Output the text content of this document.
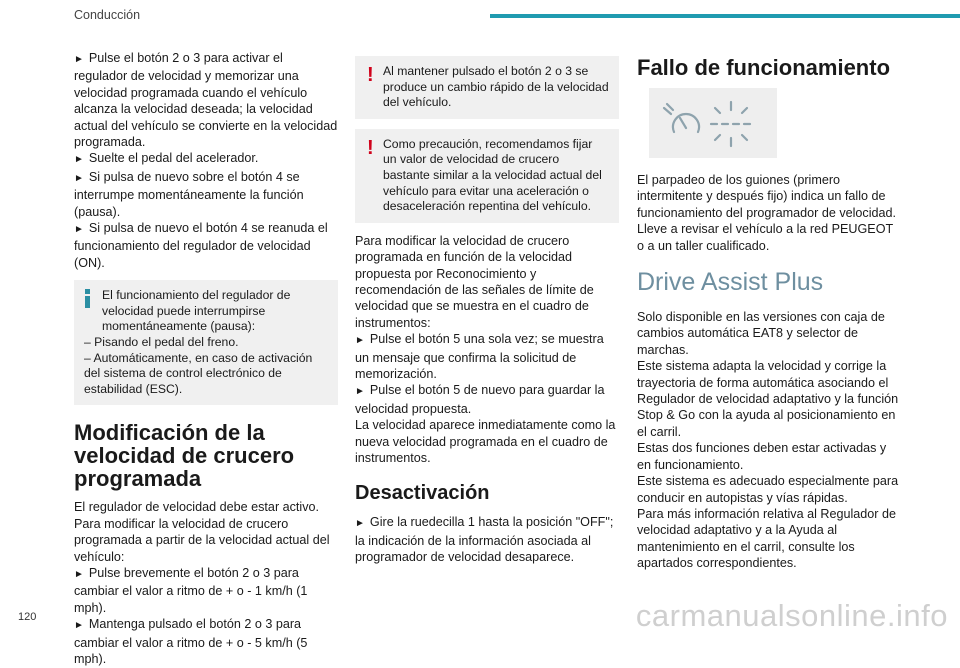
Conducción

► Pulse el botón 2 o 3 para activar el regulador de velocidad y memorizar una velocidad programada cuando el vehículo alcanza la velocidad deseada; la velocidad actual del vehículo se convierte en la velocidad programada.

► Suelte el pedal del acelerador.

► Si pulsa de nuevo sobre el botón 4 se interrumpe momentáneamente la función (pausa).

► Si pulsa de nuevo el botón 4 se reanuda el funcionamiento del regulador de velocidad (ON).

El funcionamiento del regulador de velocidad puede interrumpirse momentáneamente (pausa):

– Pisando el pedal del freno.

– Automáticamente, en caso de activación del sistema de control electrónico de estabilidad (ESC).

Modificación de la velocidad de crucero programada

El regulador de velocidad debe estar activo.

Para modificar la velocidad de crucero programada a partir de la velocidad actual del vehículo:

► Pulse brevemente el botón 2 o 3 para cambiar el valor a ritmo de + o - 1 km/h (1 mph).

► Mantenga pulsado el botón 2 o 3 para cambiar el valor a ritmo de + o - 5 km/h (5 mph).

! Al mantener pulsado el botón 2 o 3 se produce un cambio rápido de la velocidad del vehículo.

! Como precaución, recomendamos fijar un valor de velocidad de crucero bastante similar a la velocidad actual del vehículo para evitar una aceleración o desaceleración repentina del vehículo.

Para modificar la velocidad de crucero programada en función de la velocidad propuesta por Reconocimiento y recomendación de las señales de límite de velocidad que se muestra en el cuadro de instrumentos:

► Pulse el botón 5 una sola vez; se muestra un mensaje que confirma la solicitud de memorización.

► Pulse el botón 5 de nuevo para guardar la velocidad propuesta.

La velocidad aparece inmediatamente como la nueva velocidad programada en el cuadro de instrumentos.

Desactivación

► Gire la ruedecilla 1 hasta la posición "OFF"; la indicación de la información asociada al programador de velocidad desaparece.

Fallo de funcionamiento

El parpadeo de los guiones (primero intermitente y después fijo) indica un fallo de funcionamiento del programador de velocidad.

Lleve a revisar el vehículo a la red PEUGEOT o a un taller cualificado.

Drive Assist Plus

Solo disponible en las versiones con caja de cambios automática EAT8 y selector de marchas.

Este sistema adapta la velocidad y corrige la trayectoria de forma automática asociando el Regulador de velocidad adaptativo y la función Stop & Go con la ayuda al posicionamiento en el carril.

Estas dos funciones deben estar activadas y en funcionamiento.

Este sistema es adecuado especialmente para conducir en autopistas y vías rápidas.

Para más información relativa al Regulador de velocidad adaptativo y a la Ayuda al mantenimiento en el carril, consulte los apartados correspondientes.

120	carmanualsonline.info
